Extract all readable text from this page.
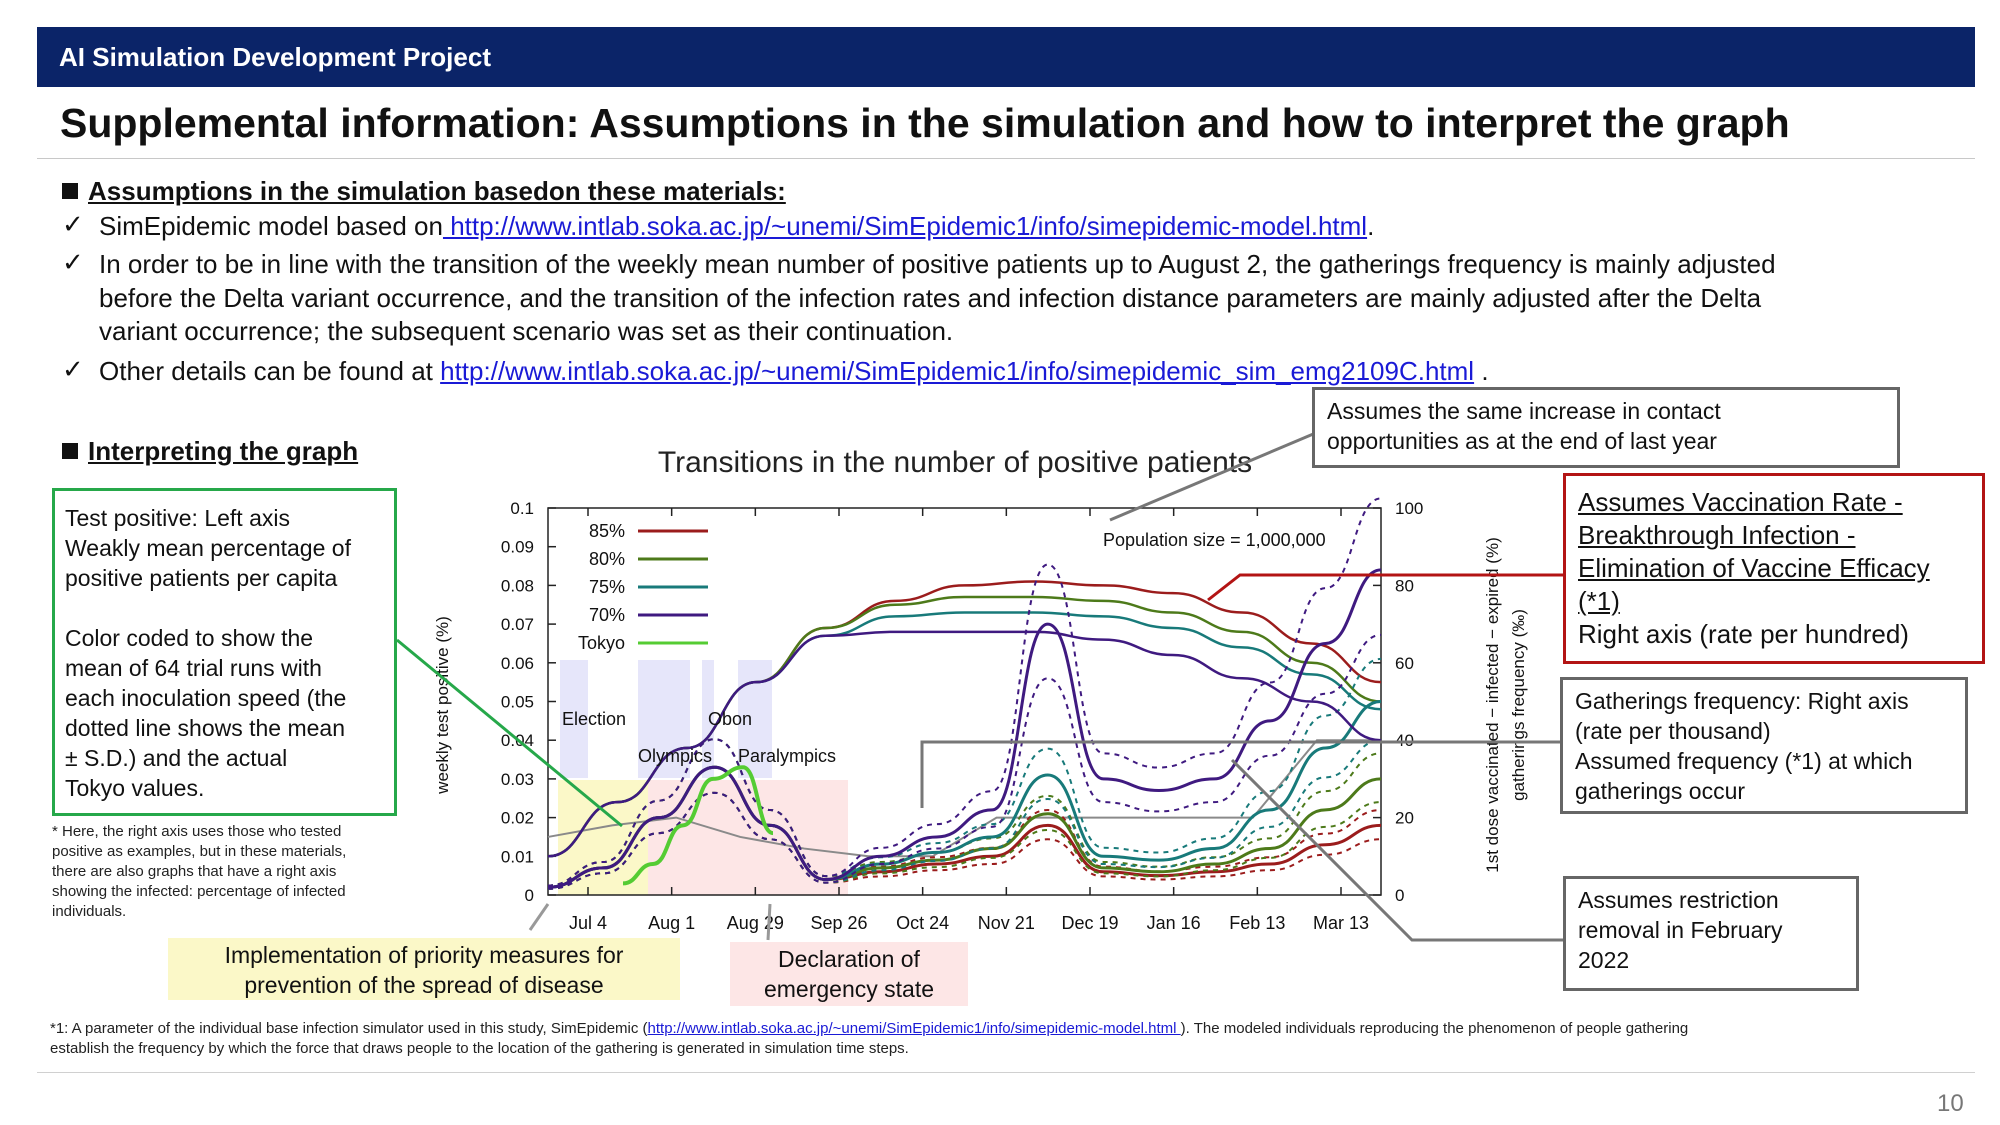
AI Simulation Development Project
Supplemental information: Assumptions in the simulation and how to interpret the graph
Assumptions in the simulation basedon these materials:
✓ SimEpidemic model based on http://www.intlab.soka.ac.jp/~unemi/SimEpidemic1/info/simepidemic-model.html.
✓ In order to be in line with the transition of the weekly mean number of positive patients up to August 2, the gatherings frequency is mainly adjusted
before the Delta variant occurrence, and the transition of the infection rates and infection distance parameters are mainly adjusted after the Delta
variant occurrence; the subsequent scenario was set as their continuation.
✓ Other details can be found at http://www.intlab.soka.ac.jp/~unemi/SimEpidemic1/info/simepidemic_sim_emg2109C.html .
Interpreting the graph
Test positive: Left axis
Weakly mean percentage of
positive patients per capita
Color coded to show the
mean of 64 trial runs with
each inoculation speed (the
dotted line shows the mean
± S.D.) and the actual
Tokyo values.
* Here, the right axis uses those who tested
positive as examples, but in these materials,
there are also graphs that have a right axis
showing the infected: percentage of infected
individuals.
0
0.01
0.02
0.03
0.04
0.05
0.06
0.07
0.08
0.09
0.1
0
20
40
60
80
100
Jul 4 Aug 1 Aug 29 Sep 26 Oct 24 Nov 21 Dec 19 Jan 16 Feb 13 Mar 13
85%
80%
75%
70%
Tokyo
Transitions in the number of positive patients
Population size = 1,000,000
Election	Obon
Olympics Paralympics
weekly test positive (%)	1st dose vaccinated − infected − expired (%) gatherings frequency (‰)
Assumes the same increase in contact
opportunities as at the end of last year
Assumes Vaccination Rate -
Breakthrough Infection -
Elimination of Vaccine Efficacy
(*1)
Right axis (rate per hundred)
Gatherings frequency: Right axis
(rate per thousand)
Assumed frequency (*1) at which
gatherings occur
Assumes restriction
removal in February
2022
Implementation of priority measures for
prevention of the spread of disease
Declaration of
emergency state
*1: A parameter of the individual base infection simulator used in this study, SimEpidemic (http://www.intlab.soka.ac.jp/~unemi/SimEpidemic1/info/simepidemic-model.html ). The modeled individuals reproducing the phenomenon of people gathering
establish the frequency by which the force that draws people to the location of the gathering is generated in simulation time steps.
10
